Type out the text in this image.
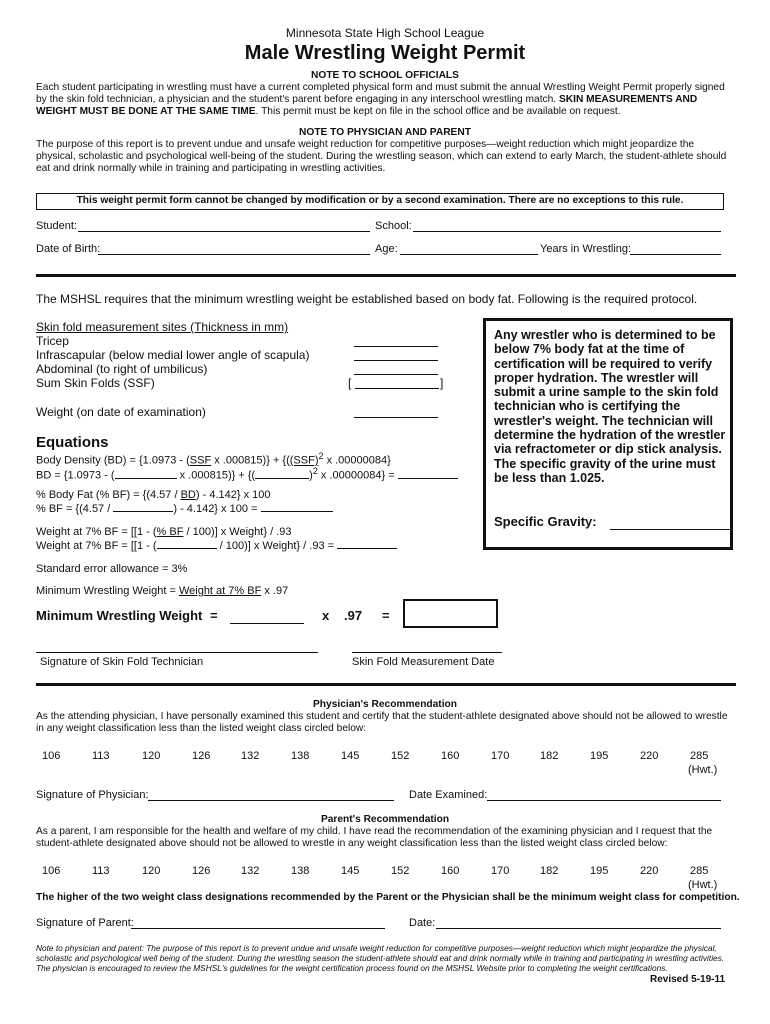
Minnesota State High School League
Male Wrestling Weight Permit
NOTE TO SCHOOL OFFICIALS
Each student participating in wrestling must have a current completed physical form and must submit the annual Wrestling Weight Permit properly signed by the skin fold technician, a physician and the student's parent before engaging in any interschool wrestling match. SKIN MEASUREMENTS AND WEIGHT MUST BE DONE AT THE SAME TIME. This permit must be kept on file in the school office and be available on request.
NOTE TO PHYSICIAN AND PARENT
The purpose of this report is to prevent undue and unsafe weight reduction for competitive purposes—weight reduction which might jeopardize the physical, scholastic and psychological well-being of the student. During the wrestling season, which can extend to early March, the student-athlete should eat and drink normally while in training and participating in wrestling activities.
This weight permit form cannot be changed by modification or by a second examination. There are no exceptions to this rule.
Student:	School:
Date of Birth:	Age:	Years in Wrestling:
The MSHSL requires that the minimum wrestling weight be established based on body fat. Following is the required protocol.
Skin fold measurement sites (Thickness in mm)
Tricep
Infrascapular (below medial lower angle of scapula)
Abdominal (to right of umbilicus)
Sum Skin Folds (SSF)	[	]
Weight (on date of examination)
Any wrestler who is determined to be below 7% body fat at the time of certification will be required to verify proper hydration. The wrestler will submit a urine sample to the skin fold technician who is certifying the wrestler's weight. The technician will determine the hydration of the wrestler via refractometer or dip stick analysis. The specific gravity of the urine must be less than 1.025.
Specific Gravity:
Equations
Body Density (BD) = {1.0973 - (SSF x .000815)} + {((SSF)$^2$ x .00000084}
BD = {1.0973 - (	x .000815)} + {(	)$^2$ x .00000084} =
% Body Fat (% BF) = {(4.57 / BD) - 4.142} x 100
% BF = {(4.57 /	) - 4.142} x 100 =
Weight at 7% BF = [[1 - (% BF / 100)] x Weight} / .93
Weight at 7% BF = [[1 - (	/ 100)] x Weight} / .93 =
Standard error allowance = 3%
Minimum Wrestling Weight = Weight at 7% BF x .97
Minimum Wrestling Weight =	x .97 =
Signature of Skin Fold Technician	Skin Fold Measurement Date
Physician's Recommendation
As the attending physician, I have personally examined this student and certify that the student-athlete designated above should not be allowed to wrestle in any weight classification less than the listed weight class circled below:
106	113	120	126	132	138	145	152	160	170	182	195	220	285
(Hwt.)
Signature of Physician:	Date Examined:
Parent's Recommendation
As a parent, I am responsible for the health and welfare of my child. I have read the recommendation of the examining physician and I request that the student-athlete designated above should not be allowed to wrestle in any weight classification less than the listed weight class circled below:
106	113	120	126	132	138	145	152	160	170	182	195	220	285
(Hwt.)
The higher of the two weight class designations recommended by the Parent or the Physician shall be the minimum weight class for competition.
Signature of Parent:	Date:
Note to physician and parent: The purpose of this report is to prevent undue and unsafe weight reduction for competitive purposes—weight reduction which might jeopardize the physical, scholastic and psychological well being of the student. During the wrestling season the student-athlete should eat and drink normally while in training and participating in wrestling activities.
The physician is encouraged to review the MSHSL's guidelines for the weight certification process found on the MSHSL Website prior to completing the weight certifications.
Revised 5-19-11
